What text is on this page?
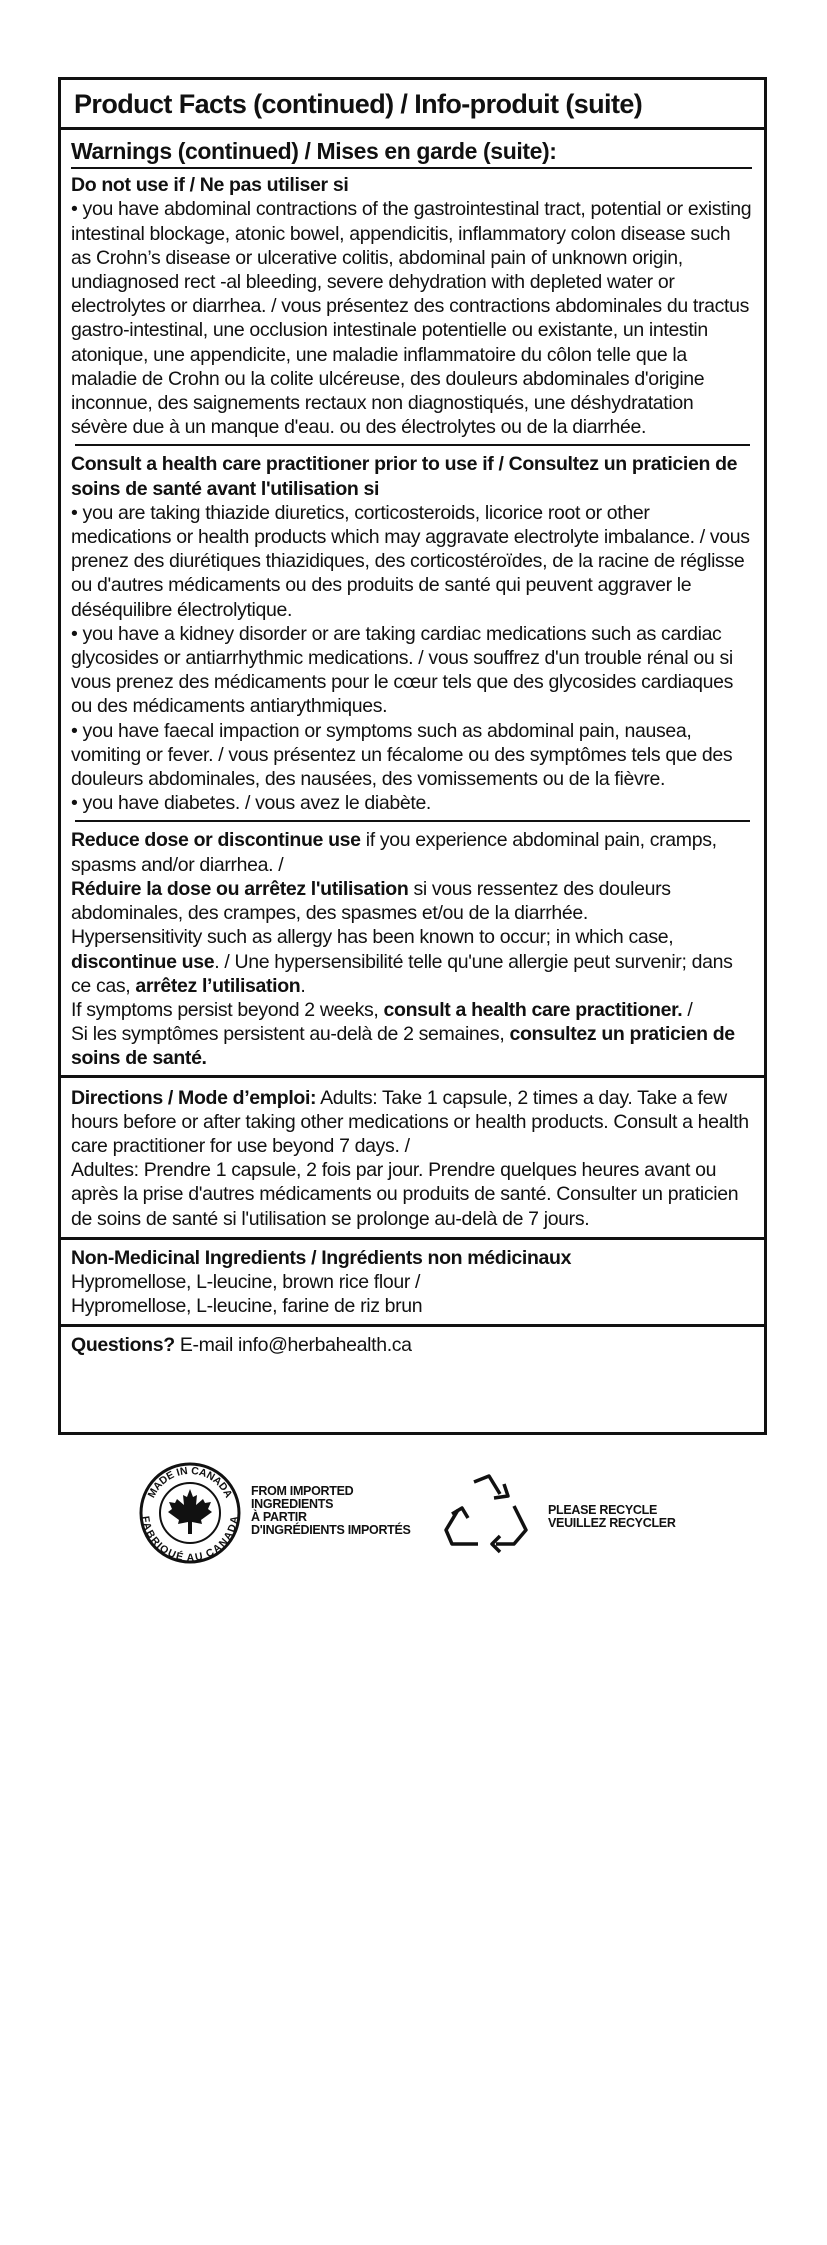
Product Facts (continued) / Info-produit (suite)
Warnings (continued) / Mises en garde (suite):

Do not use if / Ne pas utiliser si

• you have abdominal contractions of the gastrointestinal tract, potential or existing intestinal blockage, atonic bowel, appendicitis, inflammatory colon disease such as Crohn’s disease or ulcerative colitis, abdominal pain of unknown origin, undiagnosed rect -al bleeding, severe dehydration with depleted water or electrolytes or diarrhea. / vous présentez des contractions abdominales du tractus gastro-intestinal, une occlusion intestinale potentielle ou existante, un intestin atonique, une appendicite, une maladie inflammatoire du côlon telle que la maladie de Crohn ou la colite ulcéreuse, des douleurs abdominales d'origine inconnue, des saignements rectaux non diagnostiqués, une déshydratation sévère due à un manque d'eau. ou des électrolytes ou de la diarrhée.

Consult a health care practitioner prior to use if / Consultez un praticien de soins de santé avant l'utilisation si

• you are taking thiazide diuretics, corticosteroids, licorice root or other medications or health products which may aggravate electrolyte imbalance. / vous prenez des diurétiques thiazidiques, des corticostéroïdes, de la racine de réglisse ou d'autres médicaments ou des produits de santé qui peuvent aggraver le déséquilibre électrolytique.

• you have a kidney disorder or are taking cardiac medications such as cardiac glycosides or antiarrhythmic medications. / vous souffrez d'un trouble rénal ou si vous prenez des médicaments pour le cœur tels que des glycosides cardiaques ou des médicaments antiarythmiques.

• you have faecal impaction or symptoms such as abdominal pain, nausea, vomiting or fever. / vous présentez un fécalome ou des symptômes tels que des douleurs abdominales, des nausées, des vomissements ou de la fièvre.

• you have diabetes. / vous avez le diabète.

Reduce dose or discontinue use if you experience abdominal pain, cramps, spasms and/or diarrhea. /

Réduire la dose ou arrêtez l'utilisation si vous ressentez des douleurs abdominales, des crampes, des spasmes et/ou de la diarrhée.

Hypersensitivity such as allergy has been known to occur; in which case, discontinue use. / Une hypersensibilité telle qu'une allergie peut survenir; dans ce cas, arrêtez l’utilisation.

If symptoms persist beyond 2 weeks, consult a health care practitioner. /

Si les symptômes persistent au-delà de 2 semaines, consultez un praticien de soins de santé.

Directions / Mode d’emploi: Adults: Take 1 capsule, 2 times a day. Take a few hours before or after taking other medications or health products. Consult a health care practitioner for use beyond 7 days. /

Adultes: Prendre 1 capsule, 2 fois par jour. Prendre quelques heures avant ou après la prise d'autres médicaments ou produits de santé. Consulter un praticien de soins de santé si l'utilisation se prolonge au-delà de 7 jours.

Non-Medicinal Ingredients / Ingrédients non médicinaux

Hypromellose, L-leucine, brown rice flour /

Hypromellose, L-leucine, farine de riz brun

Questions? E-mail info@herbahealth.ca

MADE IN CANADA
FABRIQUÉ AU CANADA
FROM IMPORTED
INGREDIENTS
À PARTIR
D'INGRÉDIENTS IMPORTÉS
PLEASE RECYCLE
VEUILLEZ RECYCLER
